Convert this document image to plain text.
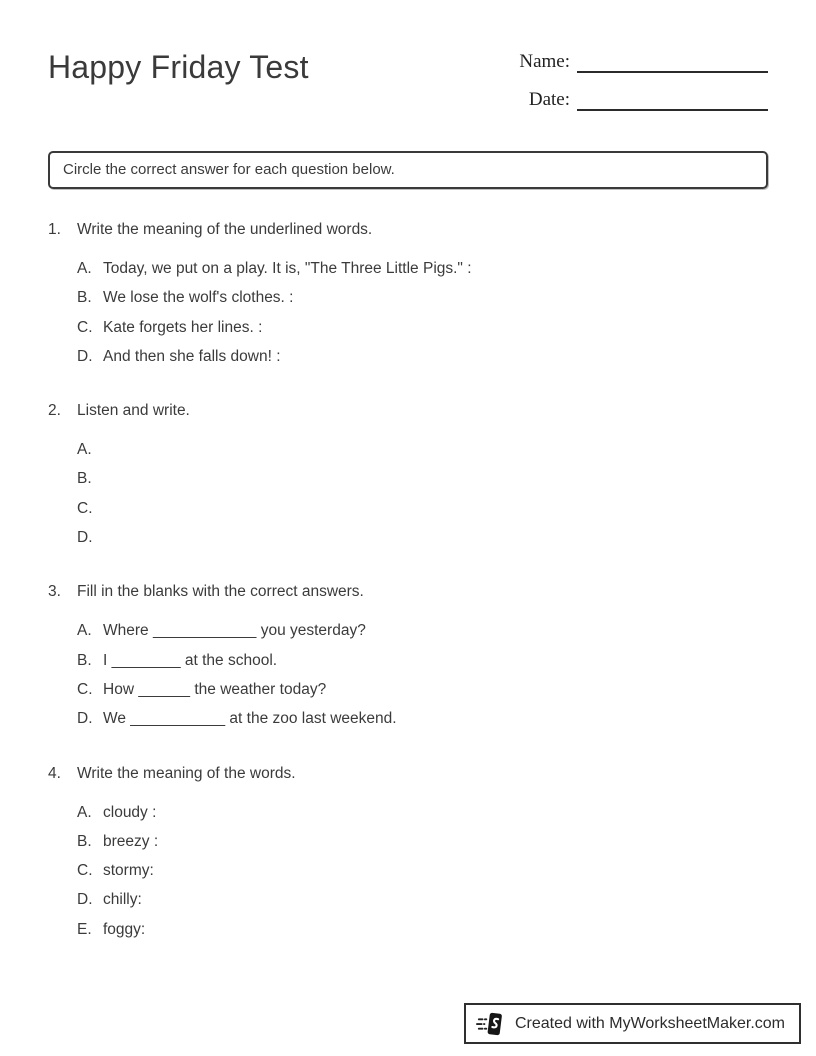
Happy Friday Test	Name:
Date:
Circle the correct answer for each question below.
1.	Write the meaning of the underlined words.
A. Today, we put on a play. It is, "The Three Little Pigs." :
B. We lose the wolf's clothes. :
C. Kate forgets her lines. :
D. And then she falls down! :
2.	Listen and write.
A.
B.
C.
D.
3.	Fill in the blanks with the correct answers.
A. Where ____________ you yesterday?
B. I ________ at the school.
C. How ______ the weather today?
D. We ___________ at the zoo last weekend.
4.	Write the meaning of the words.
A. cloudy :
B. breezy :
C. stormy:
D. chilly:
E. foggy:
Created with MyWorksheetMaker.com
